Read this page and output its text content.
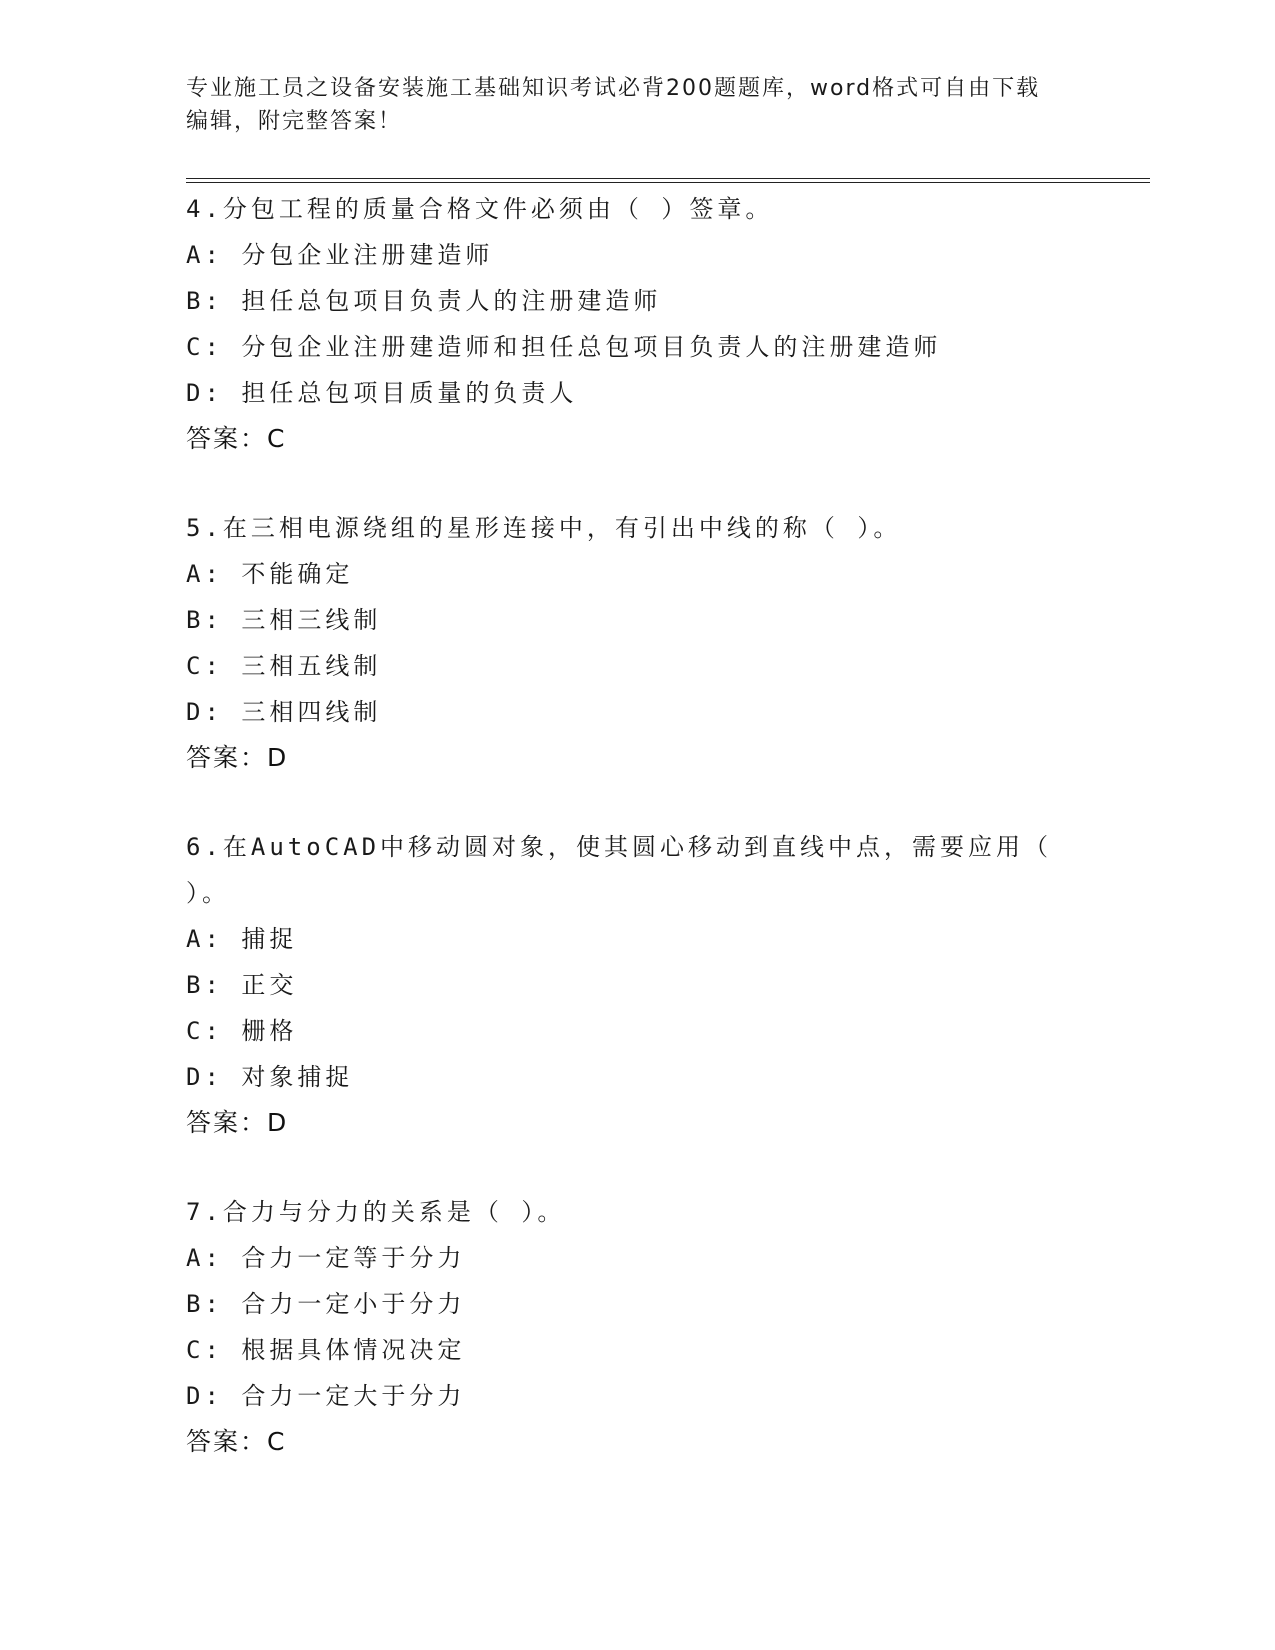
专业施工员之设备安装施工基础知识考试必背200题题库，word格式可自由下载
编辑，附完整答案！
4.分包工程的质量合格文件必须由（ ）签章。
A: 分包企业注册建造师
B: 担任总包项目负责人的注册建造师
C: 分包企业注册建造师和担任总包项目负责人的注册建造师
D: 担任总包项目质量的负责人
答案：C
5.在三相电源绕组的星形连接中，有引出中线的称（ ）。
A: 不能确定
B: 三相三线制
C: 三相五线制
D: 三相四线制
答案：D
6.在AutoCAD中移动圆对象，使其圆心移动到直线中点，需要应用（
）。
A: 捕捉
B: 正交
C: 栅格
D: 对象捕捉
答案：D
7.合力与分力的关系是（ ）。
A: 合力一定等于分力
B: 合力一定小于分力
C: 根据具体情况决定
D: 合力一定大于分力
答案：C
